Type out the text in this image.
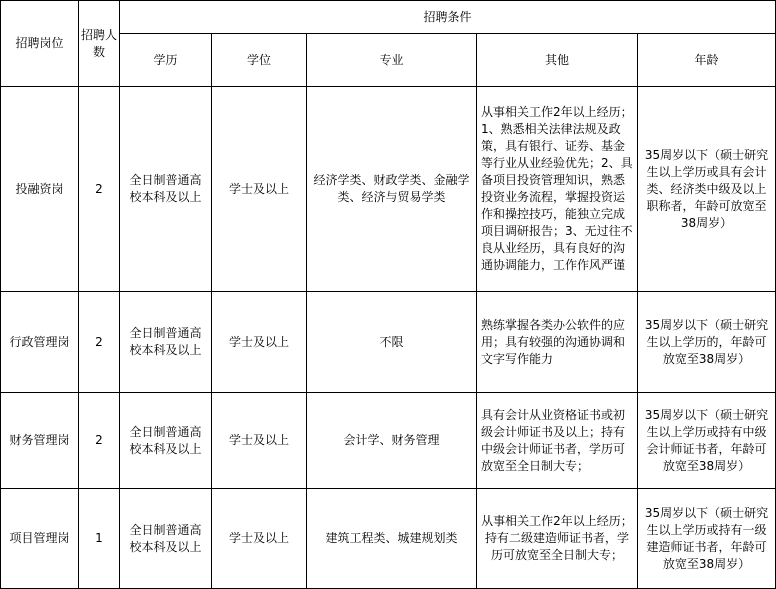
招聘岗位	招聘人数	招聘条件				
		学历	学位	专业	其他	年龄
投融资岗	2	全日制普通高校本科及以上	学士及以上	经济学类、财政学类、金融学类、经济与贸易学类	从事相关工作2年以上经历；1、熟悉相关法律法规及政策，具有银行、证券、基金等行业从业经验优先；2、具备项目投资管理知识，熟悉投资业务流程，掌握投资运作和操控技巧，能独立完成项目调研报告；3、无过往不良从业经历，具有良好的沟通协调能力，工作作风严谨	35周岁以下（硕士研究生以上学历或具有会计类、经济类中级及以上职称者，年龄可放宽至38周岁）
行政管理岗	2	全日制普通高校本科及以上	学士及以上	不限	熟练掌握各类办公软件的应用；具有较强的沟通协调和文字写作能力	35周岁以下（硕士研究生以上学历的，年龄可放宽至38周岁）
财务管理岗	2	全日制普通高校本科及以上	学士及以上	会计学、财务管理	具有会计从业资格证书或初级会计师证书及以上；持有中级会计师证书者，学历可放宽至全日制大专；	35周岁以下（硕士研究生以上学历或持有中级会计师证书者，年龄可放宽至38周岁）
项目管理岗	1	全日制普通高校本科及以上	学士及以上	建筑工程类、城建规划类	从事相关工作2年以上经历；持有二级建造师证书者，学历可放宽至全日制大专；	35周岁以下（硕士研究生以上学历或持有一级建造师证书者，年龄可放宽至38周岁）
